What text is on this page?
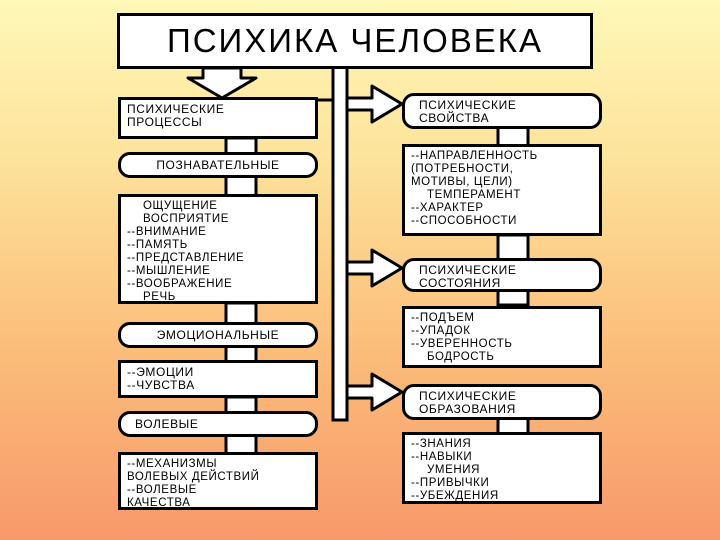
ПСИХИКА ЧЕЛОВЕКА
ПСИХИЧЕСКИЕ
ПРОЦЕССЫ
ПОЗНАВАТЕЛЬНЫЕ
ОЩУЩЕНИЕ
ВОСПРИЯТИЕ
--ВНИМАНИЕ
--ПАМЯТЬ
--ПРЕДСТАВЛЕНИЕ
--МЫШЛЕНИЕ
--ВООБРАЖЕНИЕ
РЕЧЬ
ЭМОЦИОНАЛЬНЫЕ
--ЭМОЦИИ
--ЧУВСТВА
ВОЛЕВЫЕ
--МЕХАНИЗМЫ
ВОЛЕВЫХ ДЕЙСТВИЙ
--ВОЛЕВЫЕ
КАЧЕСТВА
ПСИХИЧЕСКИЕ
СВОЙСТВА
--НАПРАВЛЕННОСТЬ
(ПОТРЕБНОСТИ,
МОТИВЫ, ЦЕЛИ)
ТЕМПЕРАМЕНТ
--ХАРАКТЕР
--СПОСОБНОСТИ
ПСИХИЧЕСКИЕ
СОСТОЯНИЯ
--ПОДЪЕМ
--УПАДОК
--УВЕРЕННОСТЬ
БОДРОСТЬ
ПСИХИЧЕСКИЕ
ОБРАЗОВАНИЯ
--ЗНАНИЯ
--НАВЫКИ
УМЕНИЯ
--ПРИВЫЧКИ
--УБЕЖДЕНИЯ
